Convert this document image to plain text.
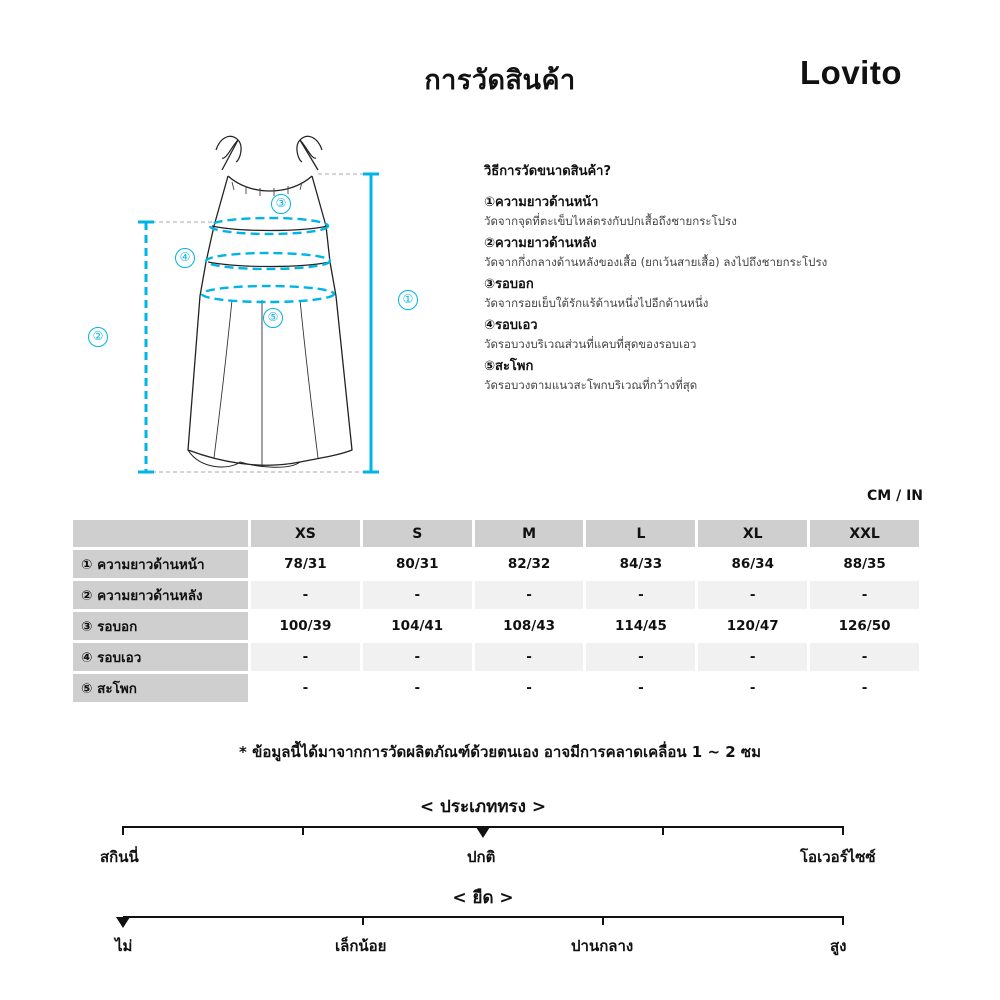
การวัดสินค้า	Lovito
③
④
⑤
②
①
วิธีการวัดขนาดสินค้า?
①ความยาวด้านหน้า
วัดจากจุดที่ตะเข็บไหล่ตรงกับปกเสื้อถึงชายกระโปรง
②ความยาวด้านหลัง
วัดจากกึ่งกลางด้านหลังของเสื้อ (ยกเว้นสายเสื้อ) ลงไปถึงชายกระโปรง
③รอบอก
วัดจากรอยเย็บใต้รักแร้ด้านหนึ่งไปอีกด้านหนึ่ง
④รอบเอว
วัดรอบวงบริเวณส่วนที่แคบที่สุดของรอบเอว
⑤สะโพก
วัดรอบวงตามแนวสะโพกบริเวณที่กว้างที่สุด
CM / IN
	XS	S	M	L	XL	XXL
① ความยาวด้านหน้า	78/31	80/31	82/32	84/33	86/34	88/35
② ความยาวด้านหลัง	-	-	-	-	-	-
③ รอบอก	100/39	104/41	108/43	114/45	120/47	126/50
④ รอบเอว	-	-	-	-	-	-
⑤ สะโพก	-	-	-	-	-	-
* ข้อมูลนี้ได้มาจากการวัดผลิตภัณฑ์ด้วยตนเอง อาจมีการคลาดเคลื่อน 1 ~ 2 ซม
< ประเภททรง >
สกินนี่	ปกติ	โอเวอร์ไซซ์
< ยืด >
ไม่	เล็กน้อย	ปานกลาง	สูง
